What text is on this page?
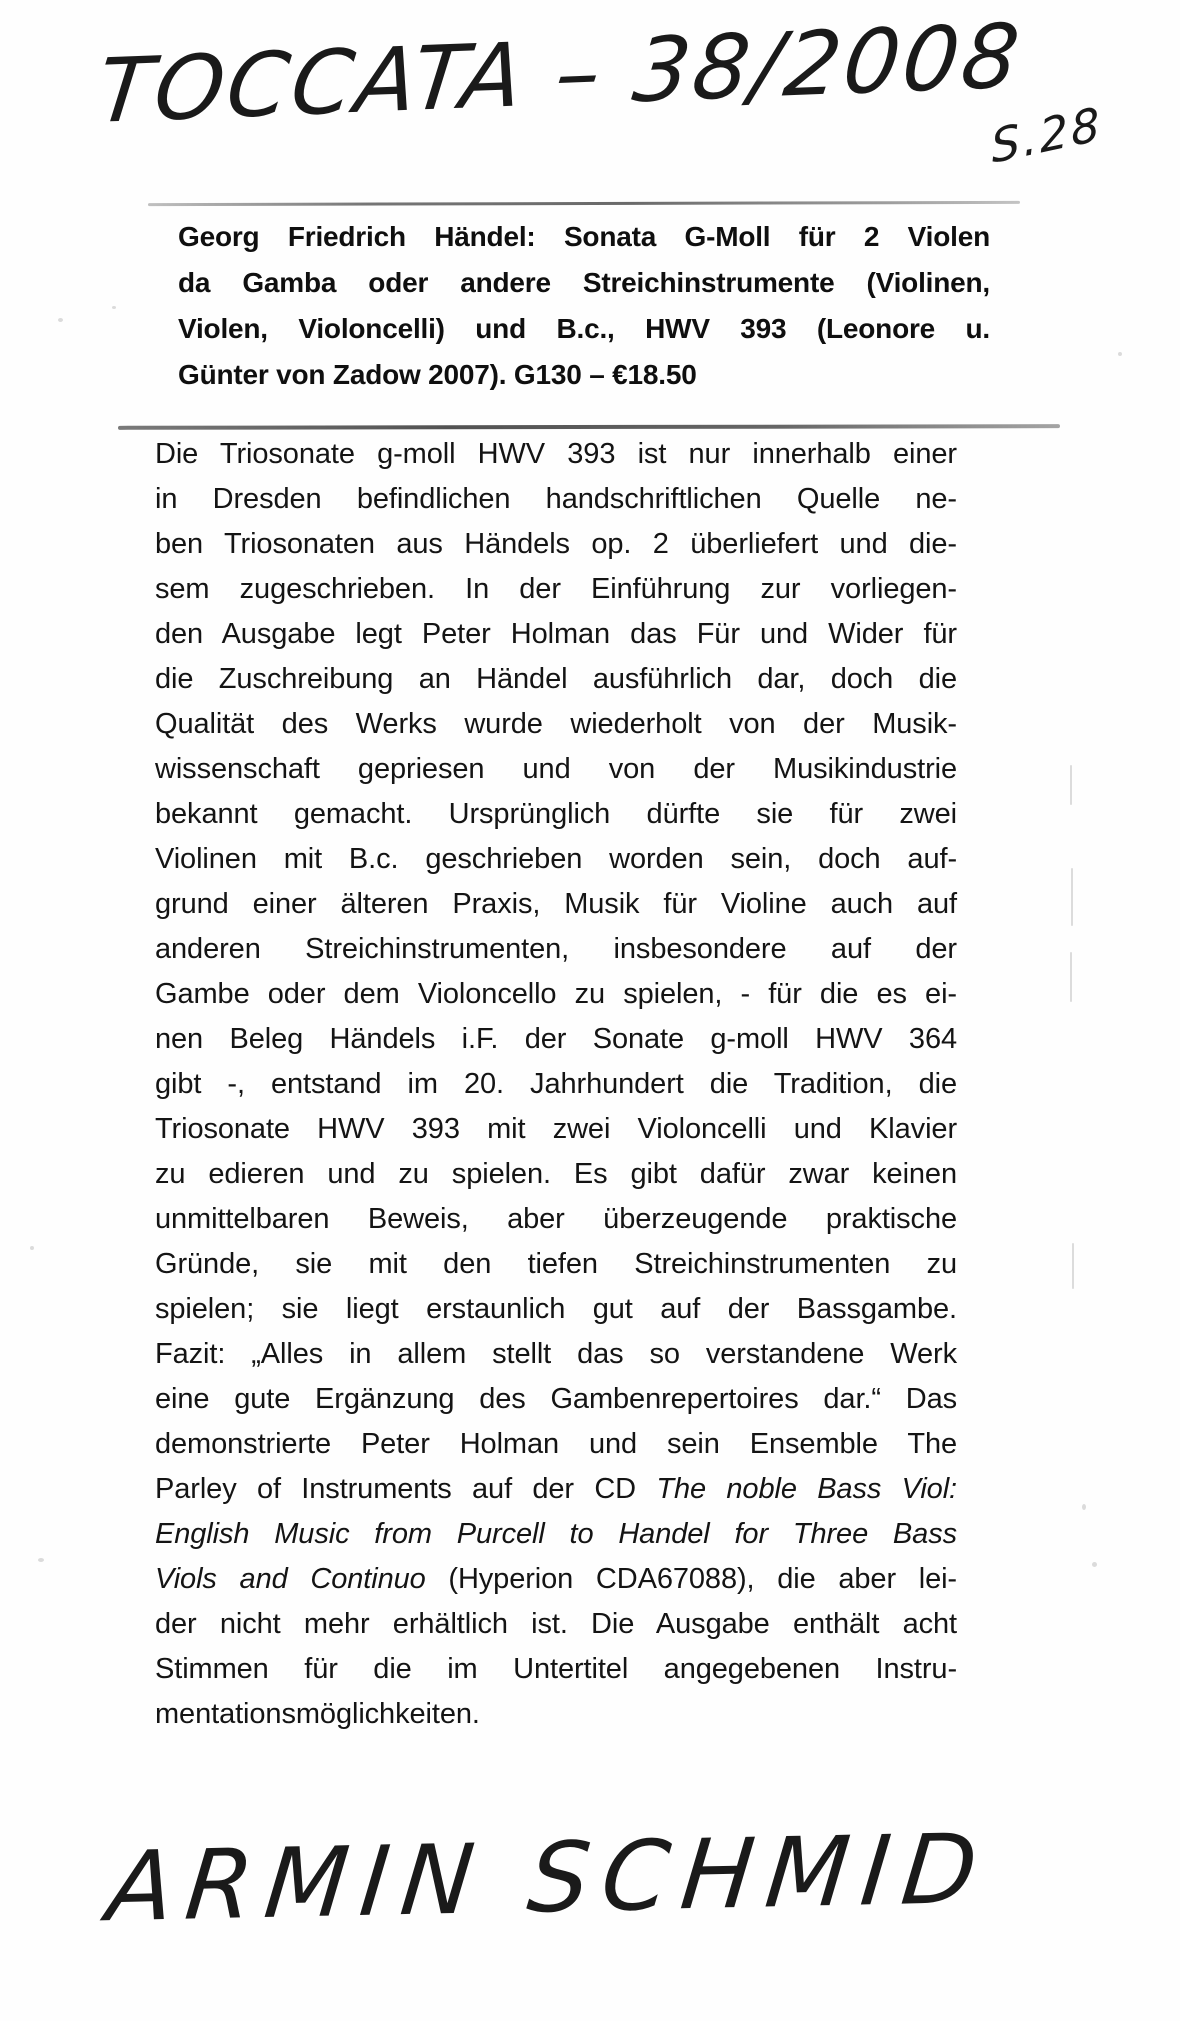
TOCCATA – 38/2008
S.28
Georg Friedrich Händel: Sonata G-Moll für 2 Violen
da Gamba oder andere Streichinstrumente (Violinen,
Violen, Violoncelli) und B.c., HWV 393 (Leonore u.
Günter von Zadow 2007). G130 – €18.50
Die Triosonate g-moll HWV 393 ist nur innerhalb einer
in Dresden befindlichen handschriftlichen Quelle ne-
ben Triosonaten aus Händels op. 2 überliefert und die-
sem zugeschrieben. In der Einführung zur vorliegen-
den Ausgabe legt Peter Holman das Für und Wider für
die Zuschreibung an Händel ausführlich dar, doch die
Qualität des Werks wurde wiederholt von der Musik-
wissenschaft gepriesen und von der Musikindustrie
bekannt gemacht. Ursprünglich dürfte sie für zwei
Violinen mit B.c. geschrieben worden sein, doch auf-
grund einer älteren Praxis, Musik für Violine auch auf
anderen Streichinstrumenten, insbesondere auf der
Gambe oder dem Violoncello zu spielen, - für die es ei-
nen Beleg Händels i.F. der Sonate g-moll HWV 364
gibt -, entstand im 20. Jahrhundert die Tradition, die
Triosonate HWV 393 mit zwei Violoncelli und Klavier
zu edieren und zu spielen. Es gibt dafür zwar keinen
unmittelbaren Beweis, aber überzeugende praktische
Gründe, sie mit den tiefen Streichinstrumenten zu
spielen; sie liegt erstaunlich gut auf der Bassgambe.
Fazit: „Alles in allem stellt das so verstandene Werk
eine gute Ergänzung des Gambenrepertoires dar.“ Das
demonstrierte Peter Holman und sein Ensemble The
Parley of Instruments auf der CD The noble Bass Viol:
English Music from Purcell to Handel for Three Bass
Viols and Continuo (Hyperion CDA67088), die aber lei-
der nicht mehr erhältlich ist. Die Ausgabe enthält acht
Stimmen für die im Untertitel angegebenen Instru-
mentationsmöglichkeiten.
ARMIN SCHMID
